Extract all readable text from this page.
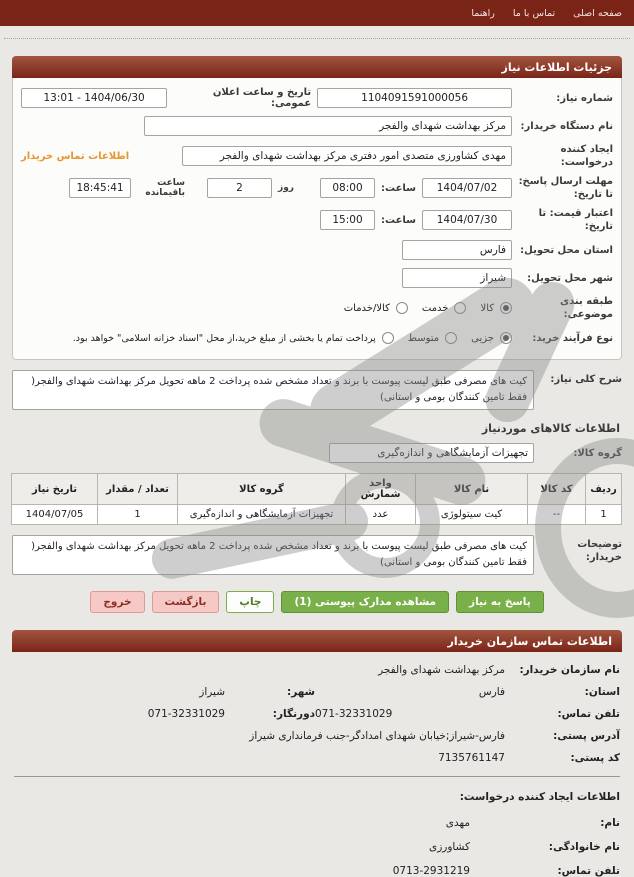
صفحه اصلی
تماس با ما
راهنما
جزئیات اطلاعات نیاز
شماره نیاز:
1104091591000056
تاریخ و ساعت اعلان عمومی:
13:01 - 1404/06/30
نام دستگاه خریدار:
مرکز بهداشت شهدای والفجر
ایجاد کننده درخواست:
مهدی کشاورزی متصدی امور دفتری مرکز بهداشت شهدای والفجر
اطلاعات تماس خریدار
مهلت ارسال پاسخ: تا تاریخ:
1404/07/02
ساعت:
08:00
روز
2
ساعت باقیمانده
18:45:41
اعتبار قیمت: تا تاریخ:
1404/07/30
ساعت:
15:00
استان محل تحویل:
فارس
شهر محل تحویل:
شیراز
طبقه بندی موضوعی:
کالا
خدمت
کالا/خدمات
نوع فرآیند خرید:
جزیی
متوسط
پرداخت تمام یا بخشی از مبلغ خرید،از محل "اسناد خزانه اسلامی" خواهد بود.
شرح کلی نیاز:
کیت های مصرفی طبق لیست پیوست با برند و تعداد مشخص شده پرداخت 2 ماهه تحویل مرکز بهداشت شهدای والفجر( فقط تامین کنندگان بومی و استانی)
اطلاعات کالاهای موردنیاز
گروه کالا:
تجهیزات آزمایشگاهی و اندازه‌گیری
ردیف	کد کالا	نام کالا	واحد شمارش	گروه کالا	تعداد / مقدار	تاریخ نیاز
1	--	کیت سیتولوژی	عدد	تجهیزات آزمایشگاهی و اندازه‌گیری	1	1404/07/05
توضیحات خریدار:
کیت های مصرفی طبق لیست پیوست با برند و تعداد مشخص شده پرداخت 2 ماهه تحویل مرکز بهداشت شهدای والفجر( فقط تامین کنندگان بومی و استانی)
پاسخ به نیاز
مشاهده مدارک پیوستی (1)
چاپ
بازگشت
خروج
اطلاعات تماس سازمان خریدار
نام سازمان خریدار:
مرکز بهداشت شهدای والفجر
استان:
فارس
شهر:
شیراز
تلفن تماس:
071-32331029
دورنگار:
071-32331029
آدرس پستی:
فارس-شیراز;خیابان شهدای امدادگر-جنب فرمانداری شیراز
کد پستی:
7135761147
اطلاعات ایجاد کننده درخواست:
نام:
مهدی
نام خانوادگی:
کشاورزی
تلفن تماس:
0713-2931219
